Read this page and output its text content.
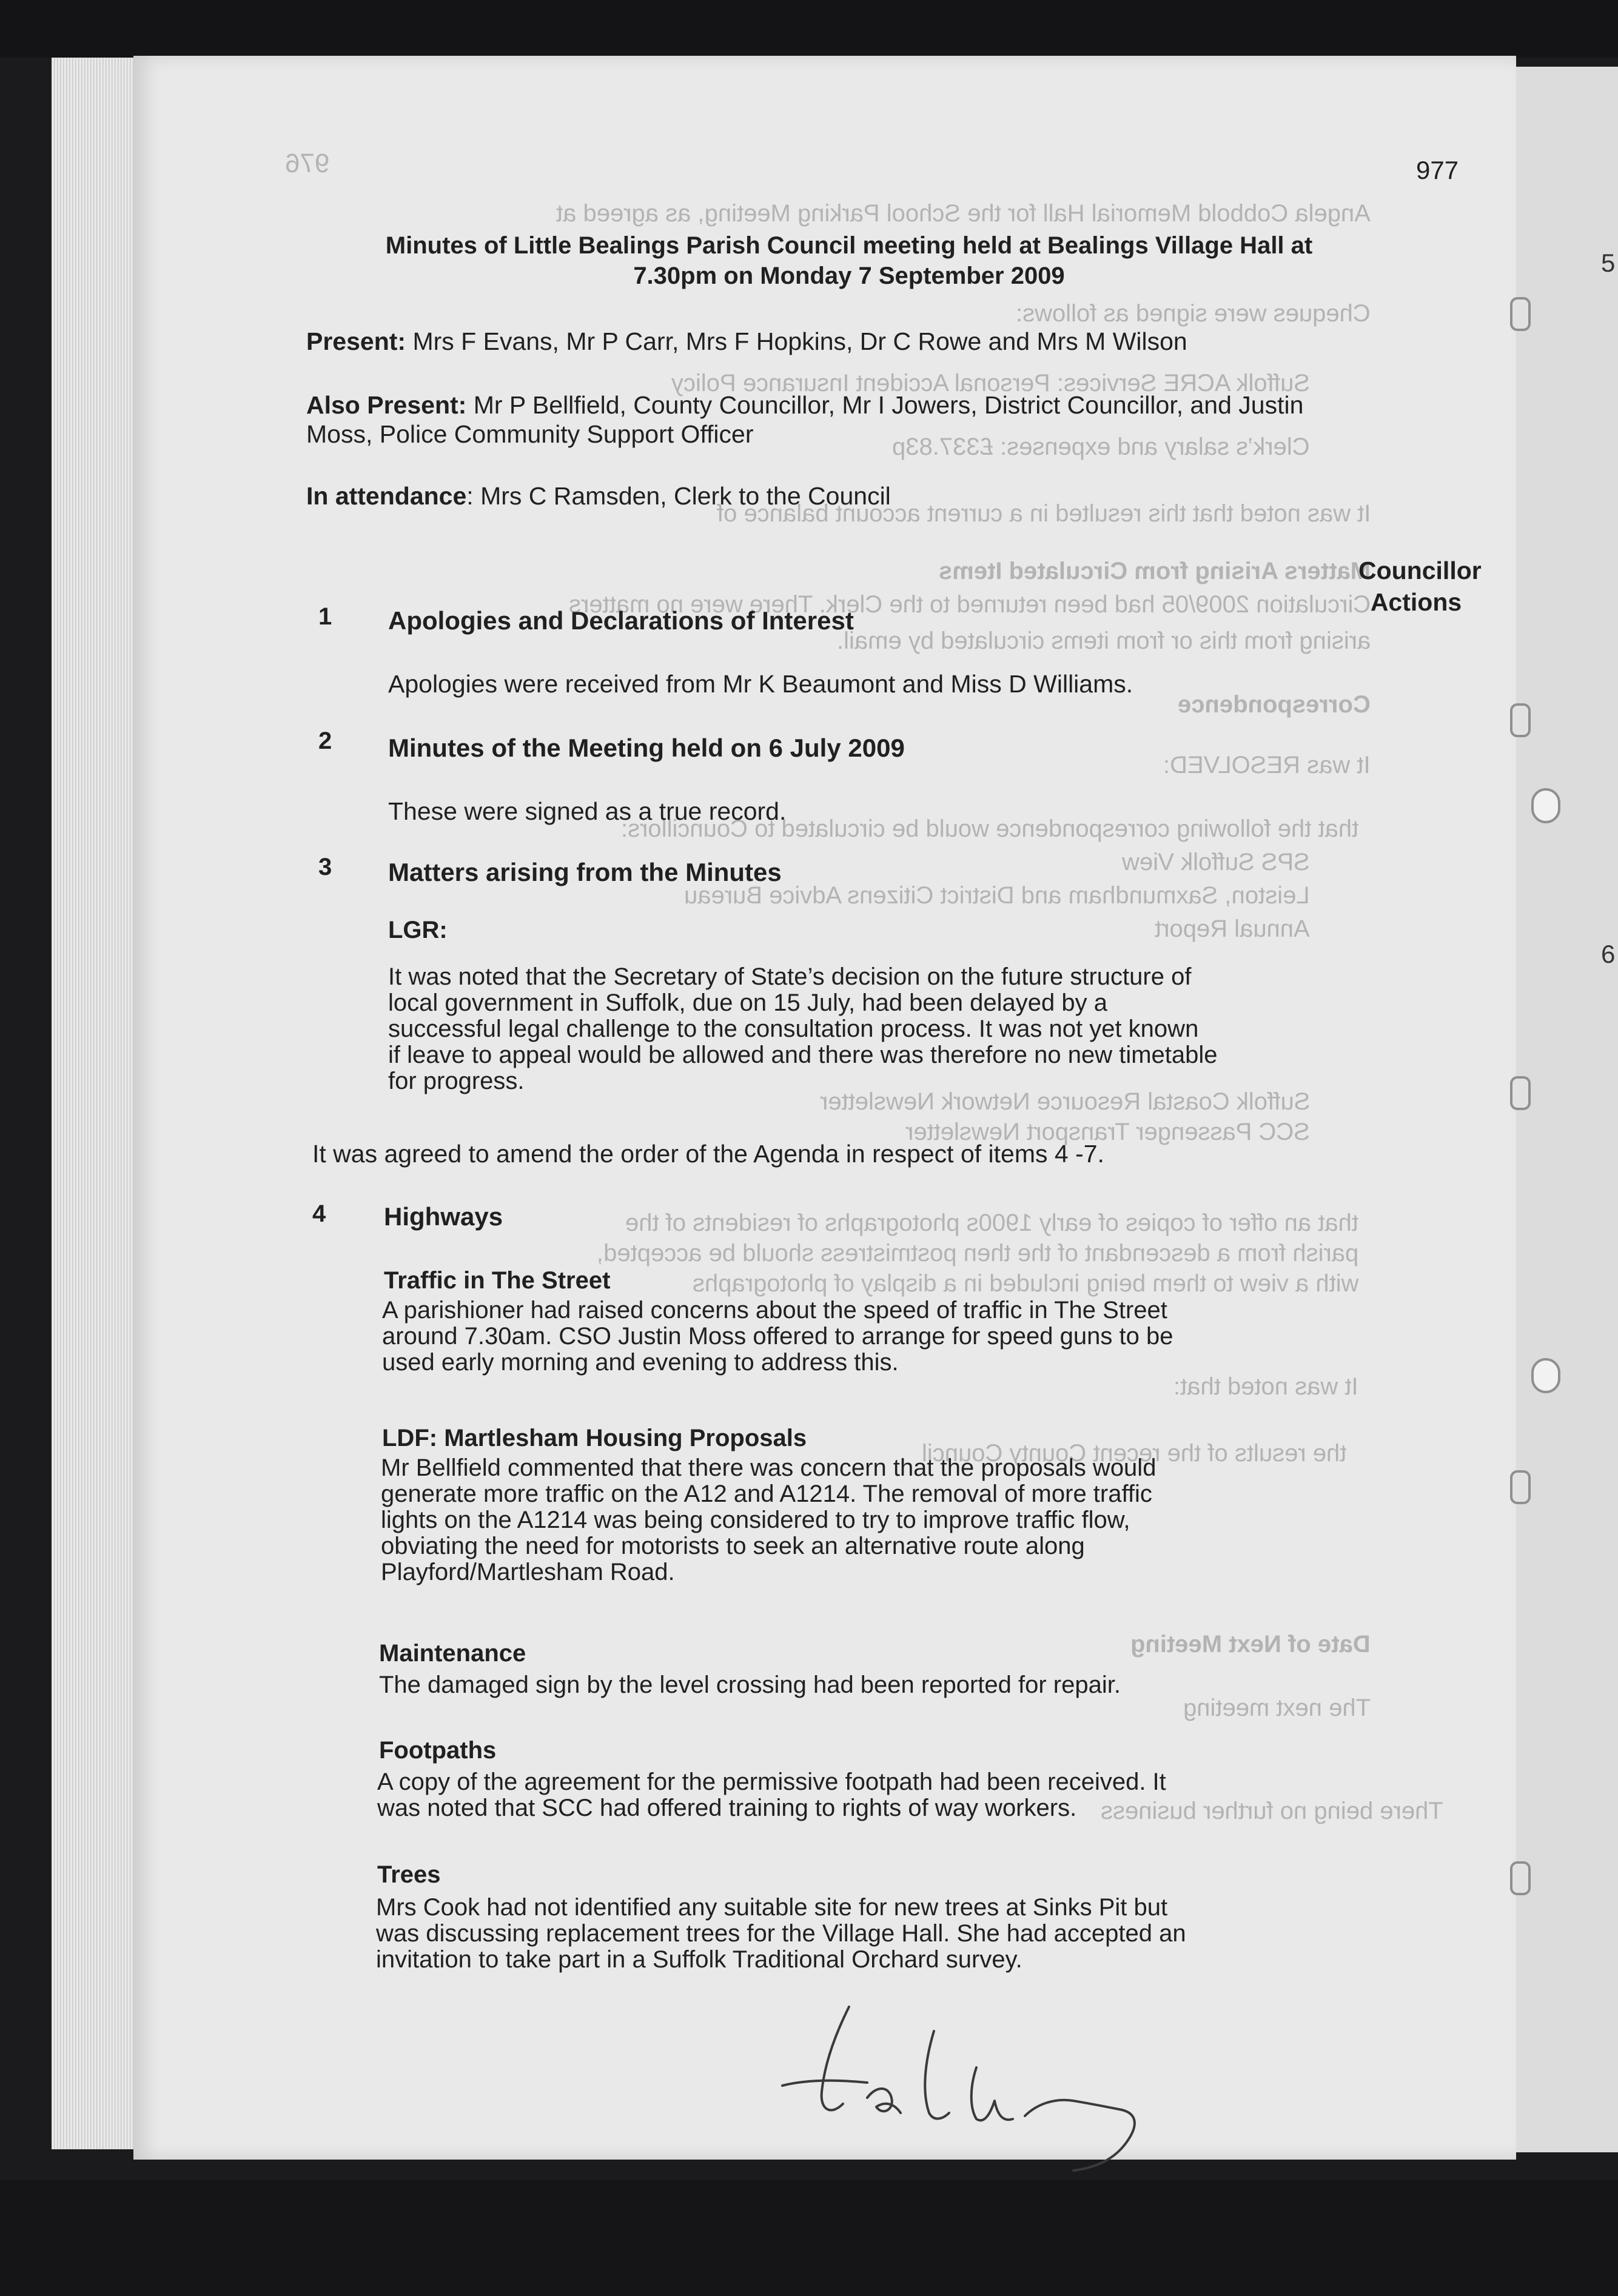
5
6
976
Angela Cobbold Memorial Hall for the School Parking Meeting, as agreed at
Cheques were signed as follows:
Suffolk ACRE Services: Personal Accident Insurance Policy
Clerk’s salary and expenses: £337.83p
It was noted that this resulted in a current account balance of
Matters Arising from Circulated Items
Circulation 2009/05 had been returned to the Clerk. There were no matters
arising from this or from items circulated by email.
Correspondence
It was RESOLVED:
that the following correspondence would be circulated to Councillors:
SPS Suffolk View
Leiston, Saxmundham and District Citizens Advice Bureau
Annual Report
Suffolk Coastal Resource Network Newsletter
SCC Passenger Transport Newsletter
that an offer of copies of early 1900s photographs of residents of the
parish from a descendant of the then postmistress should be accepted,
with a view to them being included in a display of photographs
It was noted that:
the results of the recent County Council
Date of Next Meeting
The next meeting
There being no further business
977
Minutes of Little Bealings Parish Council meeting held at Bealings Village Hall at
7.30pm on Monday 7 September 2009
Present: Mrs F Evans, Mr P Carr, Mrs F Hopkins, Dr C Rowe and Mrs M Wilson
Also Present: Mr P Bellfield, County Councillor, Mr I Jowers, District Councillor, and Justin
Moss, Police Community Support Officer
In attendance: Mrs C Ramsden, Clerk to the Council
Councillor
Actions
1 Apologies and Declarations of Interest
Apologies were received from Mr K Beaumont and Miss D Williams.
2 Minutes of the Meeting held on 6 July 2009
These were signed as a true record.
3 Matters arising from the Minutes
LGR:
It was noted that the Secretary of State’s decision on the future structure of
local government in Suffolk, due on 15 July, had been delayed by a
successful legal challenge to the consultation process. It was not yet known
if leave to appeal would be allowed and there was therefore no new timetable
for progress.
It was agreed to amend the order of the Agenda in respect of items 4 -7.
4 Highways
Traffic in The Street
A parishioner had raised concerns about the speed of traffic in The Street
around 7.30am. CSO Justin Moss offered to arrange for speed guns to be
used early morning and evening to address this.
LDF: Martlesham Housing Proposals
Mr Bellfield commented that there was concern that the proposals would
generate more traffic on the A12 and A1214. The removal of more traffic
lights on the A1214 was being considered to try to improve traffic flow,
obviating the need for motorists to seek an alternative route along
Playford/Martlesham Road.
Maintenance
The damaged sign by the level crossing had been reported for repair.
Footpaths
A copy of the agreement for the permissive footpath had been received. It
was noted that SCC had offered training to rights of way workers.
Trees
Mrs Cook had not identified any suitable site for new trees at Sinks Pit but
was discussing replacement trees for the Village Hall. She had accepted an
invitation to take part in a Suffolk Traditional Orchard survey.
